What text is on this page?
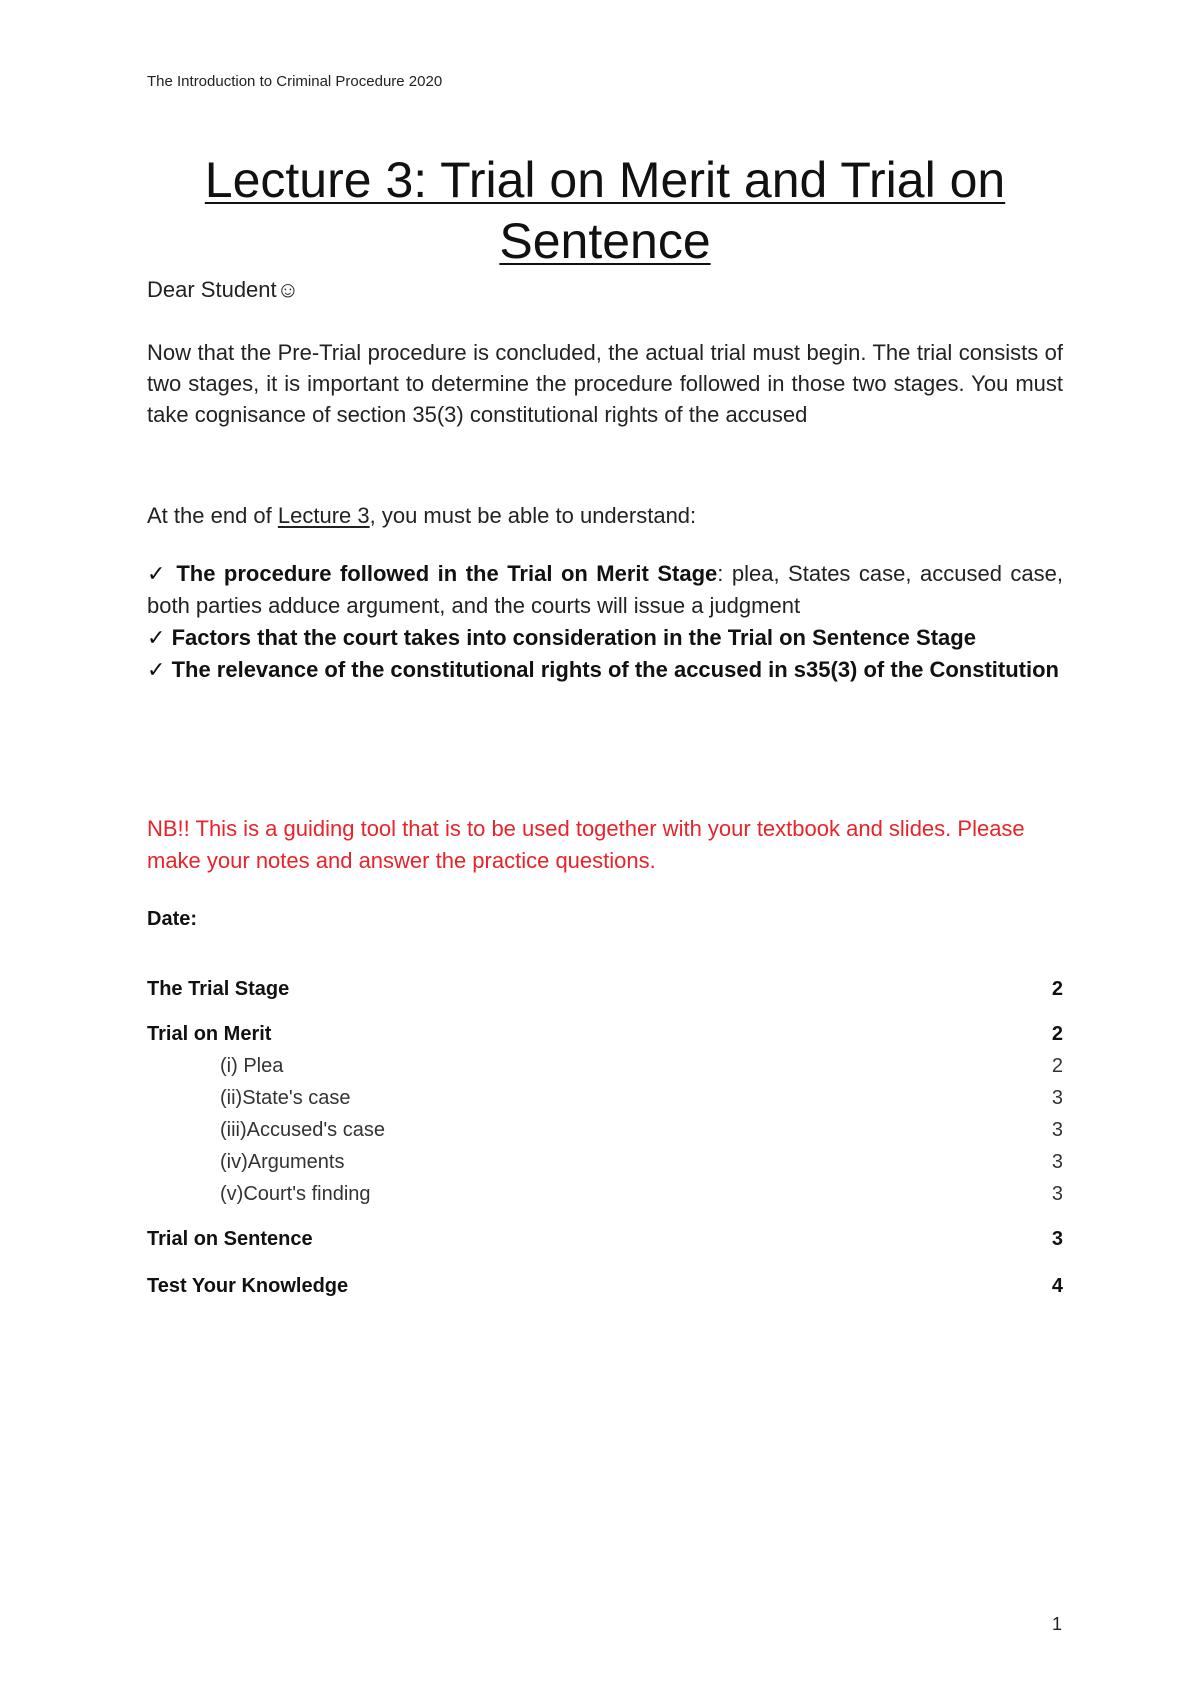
The Introduction to Criminal Procedure 2020
Lecture 3: Trial on Merit and Trial on Sentence
Dear Student☺
Now that the Pre-Trial procedure is concluded, the actual trial must begin. The trial consists of two stages, it is important to determine the procedure followed in those two stages. You must take cognisance of section 35(3) constitutional rights of the accused
At the end of Lecture 3, you must be able to understand:
✓ The procedure followed in the Trial on Merit Stage: plea, States case, accused case, both parties adduce argument, and the courts will issue a judgment
✓ Factors that the court takes into consideration in the Trial on Sentence Stage
✓ The relevance of the constitutional rights of the accused in s35(3) of the Constitution
NB!! This is a guiding tool that is to be used together with your textbook and slides. Please make your notes and answer the practice questions.
Date:
The Trial Stage	2
Trial on Merit	2
(i) Plea	2
(ii)State's case	3
(iii)Accused's case	3
(iv)Arguments	3
(v)Court's finding	3
Trial on Sentence	3
Test Your Knowledge	4
1
